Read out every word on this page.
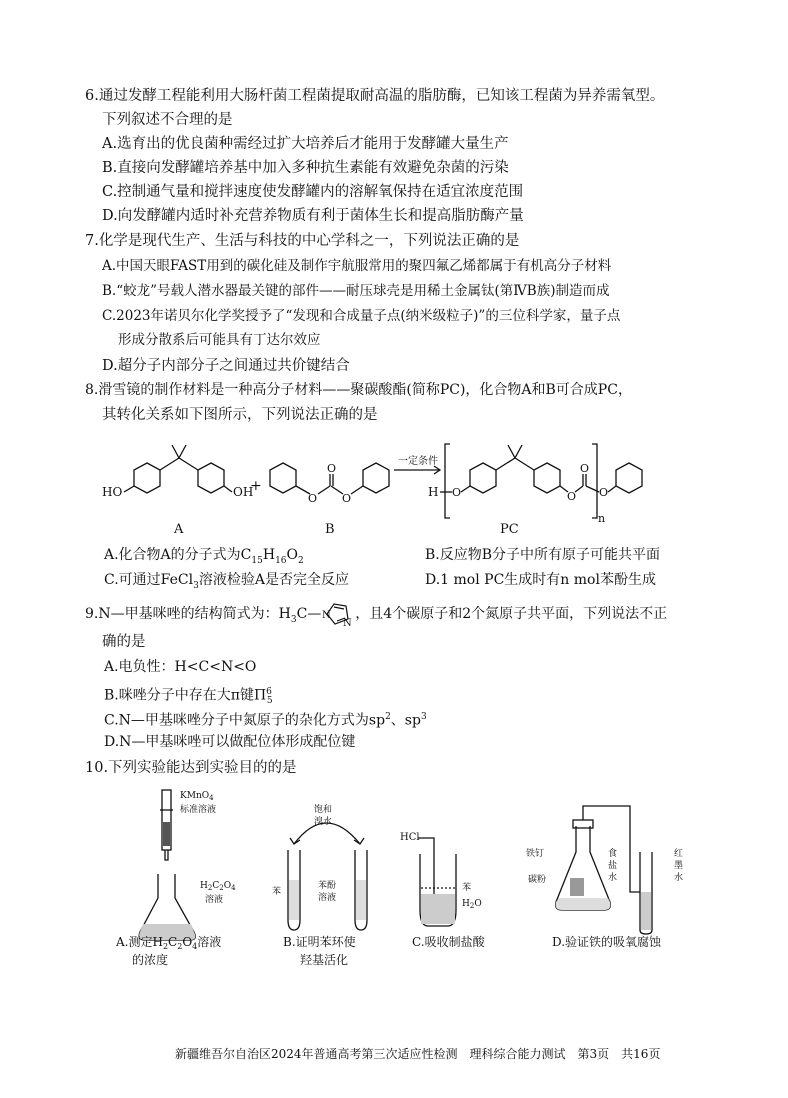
6.通过发酵工程能利用大肠杆菌工程菌提取耐高温的脂肪酶，已知该工程菌为异养需氧型。
下列叙述不合理的是
A.选育出的优良菌种需经过扩大培养后才能用于发酵罐大量生产
B.直接向发酵罐培养基中加入多种抗生素能有效避免杂菌的污染
C.控制通气量和搅拌速度使发酵罐内的溶解氧保持在适宜浓度范围
D.向发酵罐内适时补充营养物质有利于菌体生长和提高脂肪酶产量
7.化学是现代生产、生活与科技的中心学科之一，下列说法正确的是
A.中国天眼FAST用到的碳化硅及制作宇航服常用的聚四氟乙烯都属于有机高分子材料
B.“蛟龙”号载人潜水器最关键的部件——耐压球壳是用稀土金属钛(第ⅣB族)制造而成
C.2023年诺贝尔化学奖授予了“发现和合成量子点(纳米级粒子)”的三位科学家，量子点
形成分散系后可能具有丁达尔效应
D.超分子内部分子之间通过共价键结合
8.滑雪镜的制作材料是一种高分子材料——聚碳酸酯(简称PC)，化合物A和B可合成PC，
其转化关系如下图所示，下列说法正确的是
HO	OH
+
O
O
O
一定条件
H O	O
O
n
O
A	B	PC
A.化合物A的分子式为$C_{15}H_{16}O_2$	B.反应物B分子中所有原子可能共平面
C.可通过FeCl$_3$溶液检验A是否完全反应	D.1 mol PC生成时有n mol苯酚生成
9.N—甲基咪唑的结构简式为：$H_3C—$ N
N
，且4个碳原子和2个氮原子共平面，下列说法不正
确的是
A.电负性：H<C<N<O
B.咪唑分子中存在大π键$\Pi^6_5$
C.N—甲基咪唑分子中氮原子的杂化方式为$sp^2$、$sp^3$
D.N—甲基咪唑可以做配位体形成配位键
10.下列实验能达到实验目的的是
KMnO$_4$
标准溶液
$H_2C_2O_4$
溶液
A.测定$H_2C_2O_4$溶液
的浓度
饱和
溴水
苯
苯酚
溶液
B.证明苯环使
羟基活化
HCl
苯
$H_2O$
C.吸收制盐酸
铁钉
碳粉
食
盐
水
红
墨
水
D.验证铁的吸氧腐蚀
新疆维吾尔自治区2024年普通高考第三次适应性检测　理科综合能力测试　第3页　共16页
